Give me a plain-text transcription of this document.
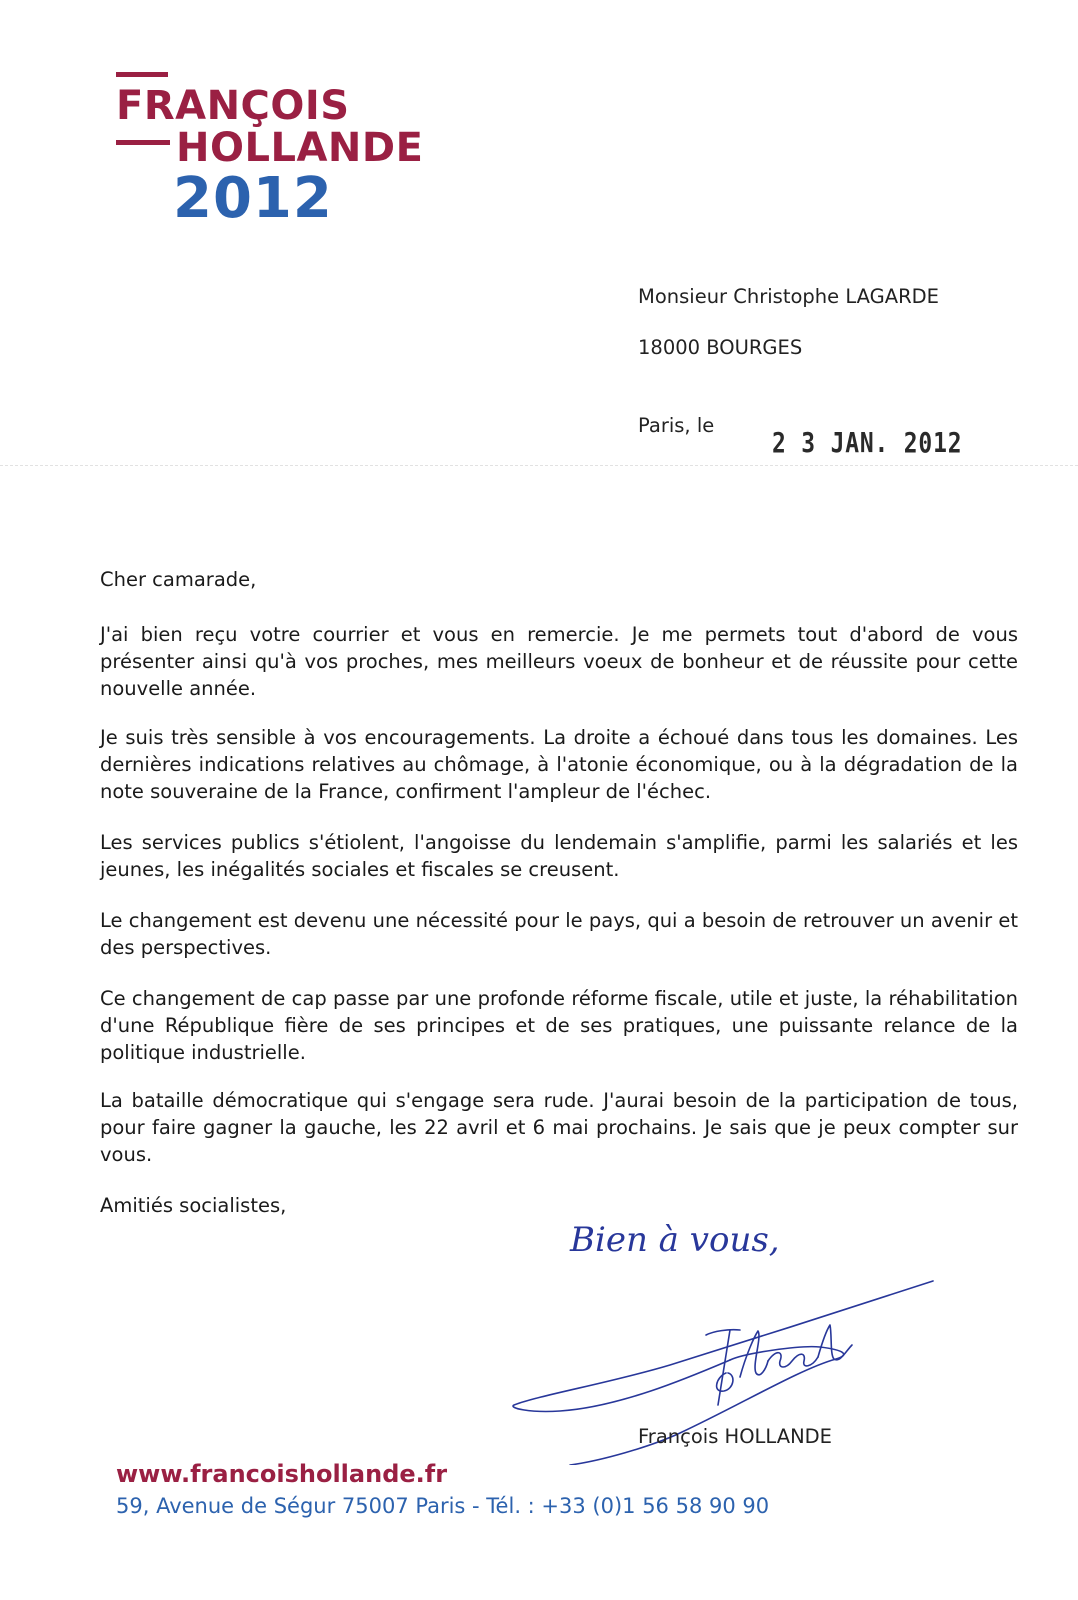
FRANÇOIS
HOLLANDE
2012
Monsieur Christophe LAGARDE
18000 BOURGES
Paris, le
2 3 JAN. 2012
Cher camarade,
J'ai bien reçu votre courrier et vous en remercie. Je me permets tout d'abord de vous présenter ainsi qu'à vos proches, mes meilleurs voeux de bonheur et de réussite pour cette nouvelle année.
Je suis très sensible à vos encouragements. La droite a échoué dans tous les domaines. Les dernières indications relatives au chômage, à l'atonie économique, ou à la dégradation de la note souveraine de la France, confirment l'ampleur de l'échec.
Les services publics s'étiolent, l'angoisse du lendemain s'amplifie, parmi les salariés et les jeunes, les inégalités sociales et fiscales se creusent.
Le changement est devenu une nécessité pour le pays, qui a besoin de retrouver un avenir et des perspectives.
Ce changement de cap passe par une profonde réforme fiscale, utile et juste, la réhabilitation d'une République fière de ses principes et de ses pratiques, une puissante relance de la politique industrielle.
La bataille démocratique qui s'engage sera rude. J'aurai besoin de la participation de tous, pour faire gagner la gauche, les 22 avril et 6 mai prochains. Je sais que je peux compter sur vous.
Amitiés socialistes,
Bien à vous,
François HOLLANDE
www.francoishollande.fr
59, Avenue de Ségur 75007 Paris - Tél. : +33 (0)1 56 58 90 90
